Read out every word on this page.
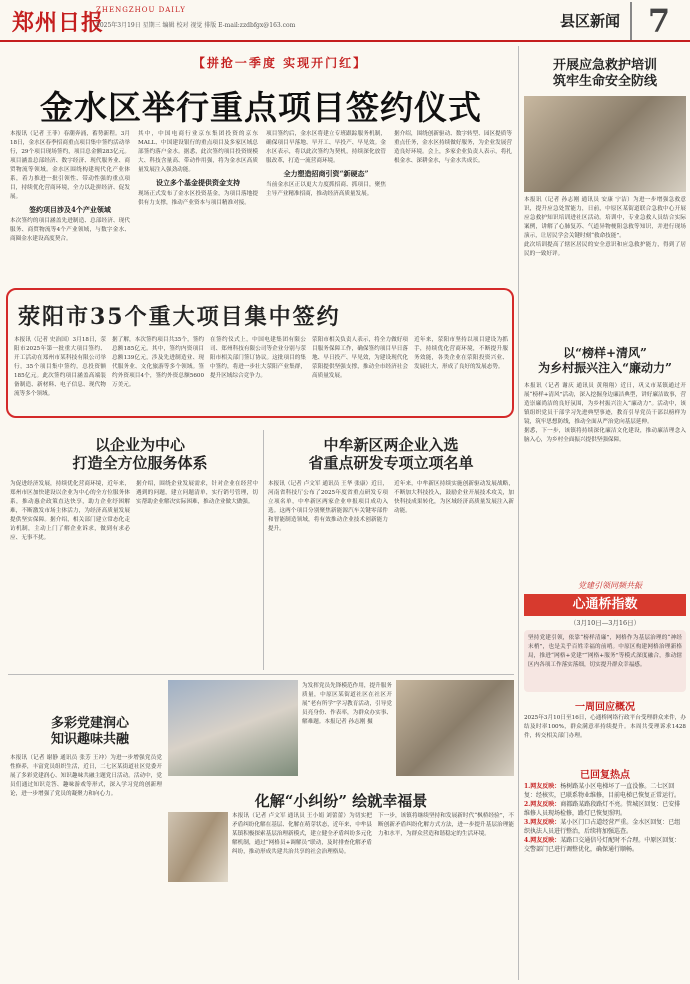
郑州日报
ZHENGZHOU DAILY
2025年3月19日 星期三 编辑 校对 视觉 排版 E-mail:zzdbfgx@163.com	县区新闻 7
【拼抢一季度 实现开门红】
金水区举行重点项目签约仪式

本报讯（记者 王菲）春潮奔涌，蓄势新程。3月18日，金水区春季招商重点项目集中签约活动举行，29个项目现场签约，项目总金额283亿元。项目涵盖总部经济、数字经济、现代服务业、商贸物流等领域。金水区围绕构建现代化产业体系，着力推进一批引领性、带动性强的重点项目，持续优化营商环境，全力以赴拼经济、促发展。

签约项目涉及4个产业领域

本次签约的项目涵盖先进制造、总部经济、现代服务、商贸物流等4个产业领域，与数字金水、商圈金水建设高度契合。

其中，中国电商行业京东集团投资的京东MALL、中国建设银行的重点项目及多家区域总部签约落户金水。据悉，此次签约项目投资规模大、科技含量高、带动作用强，将为金水区高质量发展注入强劲动能。

设立多个基金提供资金支持

现场正式发布了金水区投资基金，为项目落地提供有力支撑，推动产业资本与项目精准对接。

项目签约后，金水区将建立专班跟踪服务机制，确保项目早落地、早开工、早投产、早见效。金水区表示，将以此次签约为契机，持续深化放管服改革，打造一流营商环境。

全力塑造招商引资“新硬态”

当前金水区正以更大力度抓招商、抓项目，聚焦主导产业精准招商，推动经济高质量发展。

据介绍，围绕创新驱动、数字转型、园区提质等重点任务，金水区持续做好服务，为企业发展营造良好环境。会上，多家企业负责人表示，将扎根金水、深耕金水，与金水共成长。

荥阳市35个重大项目集中签约
本报讯（记者 史治国）3月18日，荥阳市2025年第一批重大项目签约、开工活动在郑州市某科技有限公司举行，35个项目集中签约，总投资额185亿元。此次签约项目涵盖高端装备制造、新材料、电子信息、现代物流等多个领域。
据了解，本次签约项目共35个，签约总额185亿元。其中，签约内资项目总额139亿元，涉及先进制造业、现代服务业、文化旅游等多个领域。签约外资项目4个，签约外资总额5600万美元。
在签约仪式上，中国电建集团有限公司、郑州科技有限公司等企业分别与荥阳市相关部门签订协议。这批项目的集中签约，将进一步壮大荥阳产业集群，提升区域综合竞争力。
荥阳市相关负责人表示，将全力做好项目服务保障工作，确保签约项目早日落地、早日投产、早见效，为建设现代化荥阳提供坚强支撑，推动全市经济社会高质量发展。
近年来，荥阳市坚持以项目建设为抓手，持续优化营商环境，不断提升服务效能，各类企业在荥阳投资兴业、发展壮大，形成了良好的发展态势。
以企业为中心
打造全方位服务体系
为促进经济发展，持续优化营商环境，近年来，郑州市区加快建设以企业为中心的全方位服务体系，推动惠企政策直达快享，助力企业纾困解难，不断激发市场主体活力，为经济高质量发展提供坚实保障。据介绍，相关部门建立常态化走访机制，主动上门了解企业诉求，做到有求必应、无事不扰。
据介绍，围绕企业发展需求，针对企业在经营中遇到的问题，建立问题清单，实行销号管理，切实帮助企业解决实际困难，推动企业做大做强。
中牟新区两企业入选
省重点研发专项立项名单
本报讯（记者 卢文军 通讯员 王华 张康）近日，河南省科技厅公布了2025年度省重点研发专项立项名单，中牟新区两家企业申报项目成功入选。这两个项目分别聚焦新能源汽车关键零部件和智能制造领域，将有效推动企业技术创新能力提升。
近年来，中牟新区持续实施创新驱动发展战略，不断加大科技投入，鼓励企业开展技术攻关，加快科技成果转化，为区域经济高质量发展注入新动能。
多彩党建润心
知识趣味共融
本报讯（记者 谢静 通讯员 张芳 王冲）为进一步增强党员党性修养，丰富党员组织生活，近日，二七区某街道社区党委开展了多彩党建润心、知识趣味共融主题党日活动。活动中，党员们通过知识竞答、趣味游戏等形式，深入学习党的创新理论，进一步增强了党员的凝聚力和向心力。
为发挥党员先锋模范作用，提升服务质量，中原区某街道社区在社区开展“老有所学”学习教育活动，引导党员亮身份、作表率，为群众办实事、解难题。本报记者 孙志刚 摄
化解“小纠纷” 绘就幸福景
本报讯（记者 卢文军 通讯员 王小娟 刘蕾蕾）为切实把矛盾纠纷化解在基层、化解在萌芽状态，近年来，中牟县某镇积极探索基层治理新模式，建立健全矛盾纠纷多元化解机制，通过“网格员+调解员”联动，及时排查化解矛盾纠纷，推动形成共建共治共享的社会治理格局。
下一步，该镇将继续坚持和发展新时代“枫桥经验”，不断创新矛盾纠纷化解方式方法，进一步提升基层治理能力和水平，为群众营造和谐稳定的生活环境。
开展应急救护培训
筑牢生命安全防线

本报讯（记者 孙志刚 通讯员 安康 宁洁）为进一步增强急救意识，提升应急处置能力，日前，中原区某街道联合急救中心开展应急救护知识培训进社区活动。培训中，专业急救人员结合实际案例，讲解了心肺复苏、气道异物梗阻急救等知识，并进行现场演示，让居民学会关键时刻“救命技能”。

此次培训提高了辖区居民的安全意识和应急救护能力，得到了居民的一致好评。

以“榜样+清风”
为乡村振兴注入“廉动力”

本报讯（记者 谢庆 通讯员 黄翔翔）近日，巩义市某镇通过开展“榜样+清风”活动，深入挖掘身边廉洁典型，讲好廉洁故事，营造崇廉尚洁的良好氛围，为乡村振兴注入“廉动力”。活动中，该镇组织党员干部学习先进典型事迹，教育引导党员干部以榜样为镜，筑牢思想防线，推动全面从严治党向基层延伸。

据悉，下一步，该镇将持续深化廉洁文化建设，推动廉洁理念入脑入心，为乡村全面振兴提供坚强保障。

党建引领同频共振
心通桥指数
（3月10日—3月16日）
坚持党建引领，依靠“榜样清廉”，网格作为基层治理的“神经末梢”，也是关乎百姓幸福的前哨。中原区构建网格治理新格局，推进“网格+党建”“网格+服务”等模式深度融合，推动辖区内各项工作落实落细，切实提升群众幸福感。
一周回应概况
2025年3月10日至16日，心通桥网络行政平台受理群众来件，办结及时率100%，群众满意率持续提升。本周共受理诉求1428件，转交相关部门办理。
已回复热点

1.网友反映：杨树路某小区电梯坏了一直没修。二七区回复：经核实，已联系物业维修，目前电梯已恢复正常运行。

2.网友反映：商都路某路段路灯不亮。管城区回复：已安排维修人员现场检修，路灯已恢复照明。

3.网友反映：某小区门口占道经营严重。金水区回复：已组织执法人员进行整治，后续将加强巡查。

4.网友反映：某路口交通信号灯配时不合理。中原区回复：交警部门已进行调整优化，确保通行顺畅。
